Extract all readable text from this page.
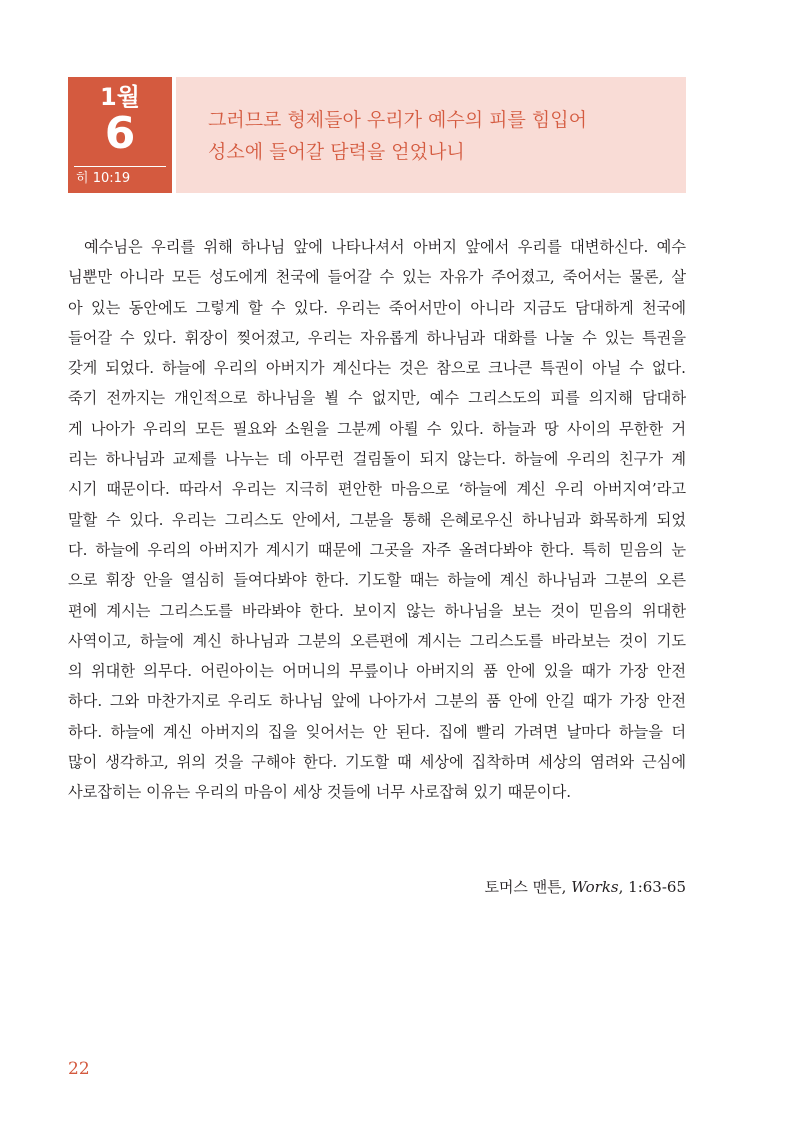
1월
6
히 10:19
그러므로 형제들아 우리가 예수의 피를 힘입어
성소에 들어갈 담력을 얻었나니
예수님은 우리를 위해 하나님 앞에 나타나셔서 아버지 앞에서 우리를 대변하신다. 예수
님뿐만 아니라 모든 성도에게 천국에 들어갈 수 있는 자유가 주어졌고, 죽어서는 물론, 살
아 있는 동안에도 그렇게 할 수 있다. 우리는 죽어서만이 아니라 지금도 담대하게 천국에
들어갈 수 있다. 휘장이 찢어졌고, 우리는 자유롭게 하나님과 대화를 나눌 수 있는 특권을
갖게 되었다. 하늘에 우리의 아버지가 계신다는 것은 참으로 크나큰 특권이 아닐 수 없다.
죽기 전까지는 개인적으로 하나님을 뵐 수 없지만, 예수 그리스도의 피를 의지해 담대하
게 나아가 우리의 모든 필요와 소원을 그분께 아뢸 수 있다. 하늘과 땅 사이의 무한한 거
리는 하나님과 교제를 나누는 데 아무런 걸림돌이 되지 않는다. 하늘에 우리의 친구가 계
시기 때문이다. 따라서 우리는 지극히 편안한 마음으로 ‘하늘에 계신 우리 아버지여’라고
말할 수 있다. 우리는 그리스도 안에서, 그분을 통해 은혜로우신 하나님과 화목하게 되었
다. 하늘에 우리의 아버지가 계시기 때문에 그곳을 자주 올려다봐야 한다. 특히 믿음의 눈
으로 휘장 안을 열심히 들여다봐야 한다. 기도할 때는 하늘에 계신 하나님과 그분의 오른
편에 계시는 그리스도를 바라봐야 한다. 보이지 않는 하나님을 보는 것이 믿음의 위대한
사역이고, 하늘에 계신 하나님과 그분의 오른편에 계시는 그리스도를 바라보는 것이 기도
의 위대한 의무다. 어린아이는 어머니의 무릎이나 아버지의 품 안에 있을 때가 가장 안전
하다. 그와 마찬가지로 우리도 하나님 앞에 나아가서 그분의 품 안에 안길 때가 가장 안전
하다. 하늘에 계신 아버지의 집을 잊어서는 안 된다. 집에 빨리 가려면 날마다 하늘을 더
많이 생각하고, 위의 것을 구해야 한다. 기도할 때 세상에 집착하며 세상의 염려와 근심에
사로잡히는 이유는 우리의 마음이 세상 것들에 너무 사로잡혀 있기 때문이다.
토머스 맨튼, Works, 1:63-65
22
